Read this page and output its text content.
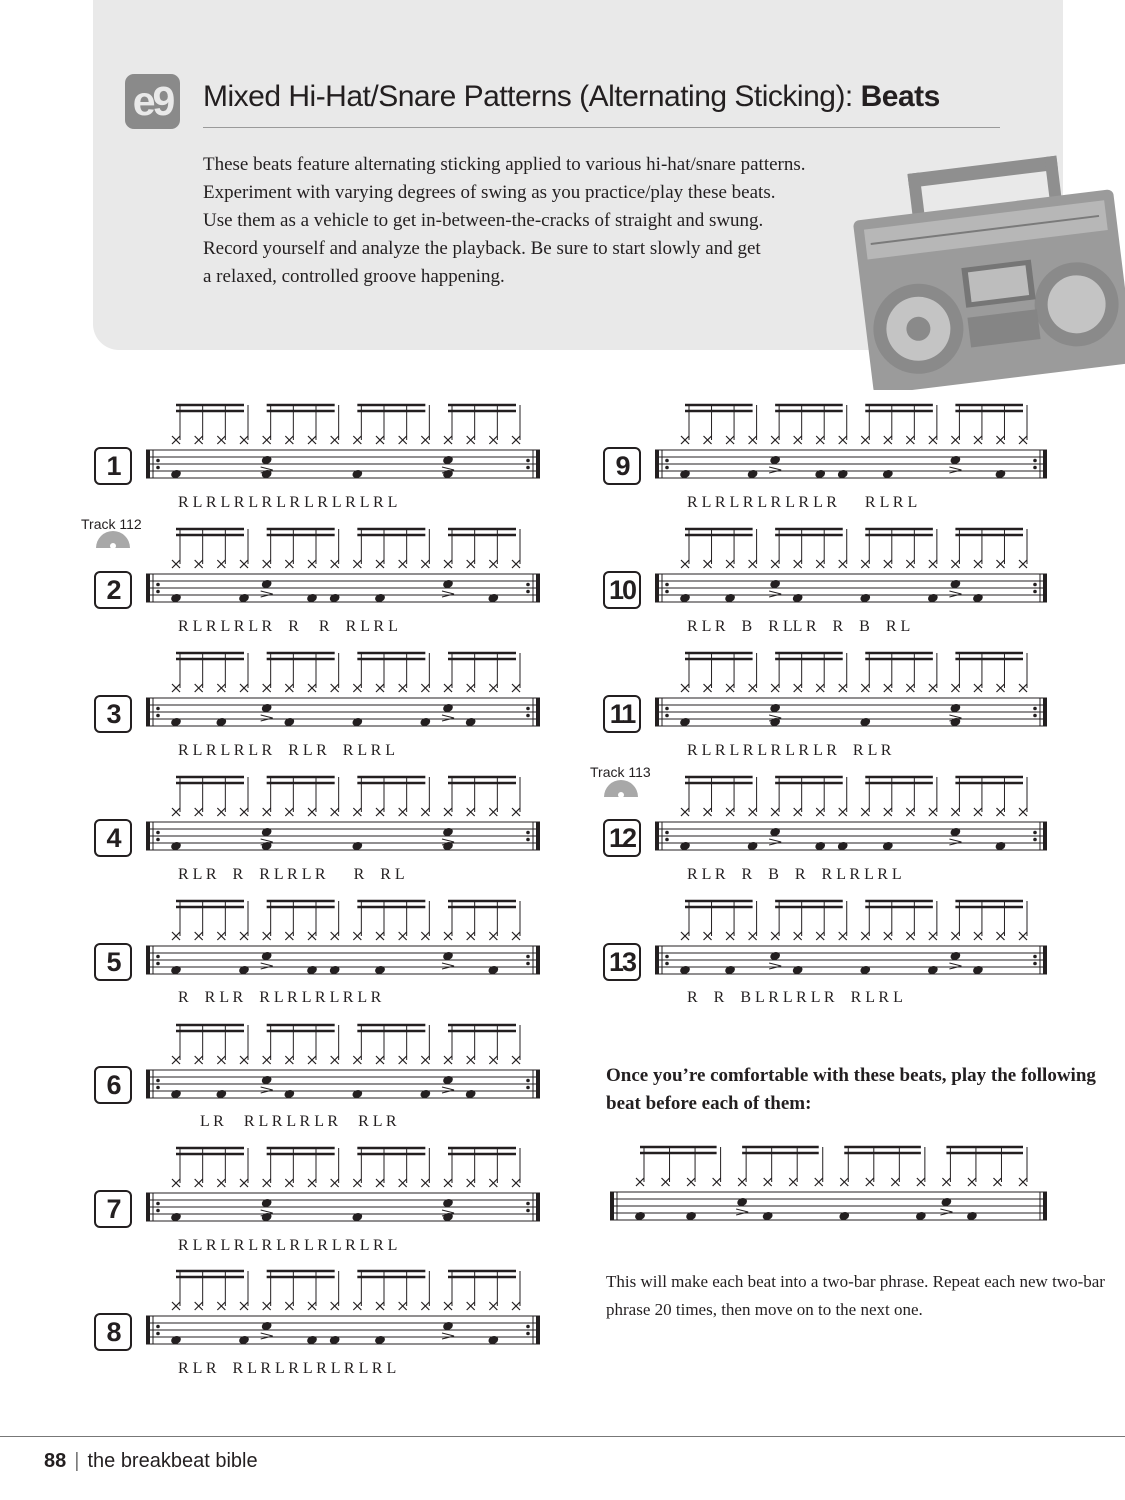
e9 Mixed Hi-Hat/Snare Patterns (Alternating Sticking): Beats
These beats feature alternating sticking applied to various hi-hat/snare patterns.
Experiment with varying degrees of swing as you practice/play these beats.
Use them as a vehicle to get in-between-the-cracks of straight and swung.
Record yourself and analyze the playback. Be sure to start slowly and get
a relaxed, controlled groove happening.
Track 112
Track 113
1
2
3
4
5
6
7
8
9
10
11
12
13
R L R L R L R L R L R L R L R L
R L R L R L R    R     R    R L R L
R L R L R L R    R L R    R L R L
R L R    R    R L R L R       R    R L
R    R L R    R L R L R L R L R
L R     R L R L R L R     R L R
R L R L R L R L R L R L R L R L
R L R    R L R L R L R L R L R L
R L R L R L R L R L R       R L R L
R L R    B    R LL R    R    B    R L
R L R L R L R L R L R    R L R
R L R    R    B    R    R L R L R L
R    R    B L R L R L R    R L R L
Once you’re comfortable with these beats, play the following beat before each of them:
This will make each beat into a two-bar phrase. Repeat each new two-bar phrase 20 times, then move on to the next one.
88 | the breakbeat bible
